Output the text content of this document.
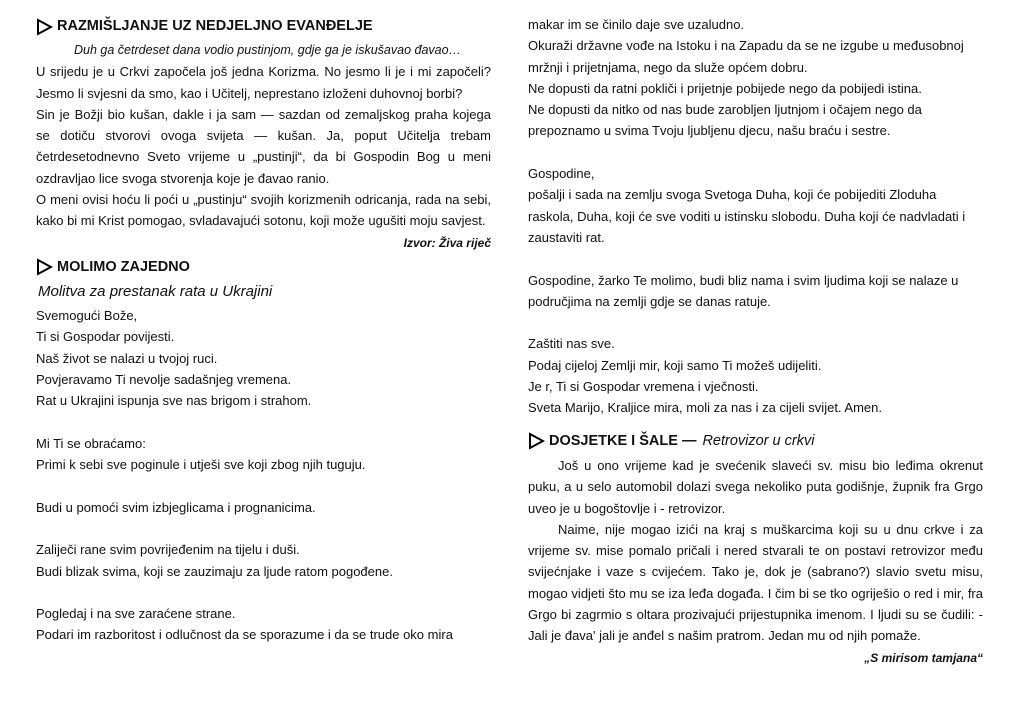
RAZMIŠLJANJE UZ NEDJELJNO EVANĐELJE
Duh ga četrdeset dana vodio pustinjom, gdje ga je iskušavao đavao…

U srijedu je u Crkvi započela još jedna Korizma. No jesmo li je i mi započeli? Jesmo li svjesni da smo, kao i Učitelj, neprestano izloženi duhovnoj borbi?

Sin je Božji bio kušan, dakle i ja sam — sazdan od zemaljskog praha kojega se dotiču stvorovi ovoga svijeta — kušan. Ja, poput Učitelja trebam četrdesetodnevno Sveto vrijeme u „pustinji“, da bi Gospodin Bog u meni ozdravljao lice svoga stvorenja koje je đavao ranio.

O meni ovisi hoću li poći u „pustinju“ svojih korizmenih odricanja, rada na sebi, kako bi mi Krist pomogao, svladavajući sotonu, koji može ugušiti moju savjest.

Izvor: Živa riječ
MOLIMO ZAJEDNO
Molitva za prestanak rata u Ukrajini
Svemogući Bože,
Ti si Gospodar povijesti.
Naš život se nalazi u tvojoj ruci.
Povjeravamo Ti nevolje sadašnjeg vremena.
Rat u Ukrajini ispunja sve nas brigom i strahom.
Mi Ti se obraćamo:
Primi k sebi sve poginule i utješi sve koji zbog njih tuguju.
Budi u pomoći svim izbjeglicama i prognanicima.
Zaliječi rane svim povrijeđenim na tijelu i duši.
Budi blizak svima, koji se zauzimaju za ljude ratom pogođene.
Pogledaj i na sve zaraćene strane.
Podari im razboritost i odlučnost da se sporazume i da se trude oko mira
makar im se činilo daje sve uzaludno.
Okuraži državne vođe na Istoku i na Zapadu da se ne izgube u međusobnoj mržnji i prijetnjama, nego da služe općem dobru.
Ne dopusti da ratni pokliči i prijetnje pobijede nego da pobijedi istina.
Ne dopusti da nitko od nas bude zarobljen ljutnjom i očajem nego da prepoznamo u svima Tvoju ljubljenu djecu, našu braću i sestre.
Gospodine,
pošalji i sada na zemlju svoga Svetoga Duha, koji će pobijediti Zloduha raskola, Duha, koji će sve voditi u istinsku slobodu. Duha koji će nadvladati i zaustaviti rat.
Gospodine, žarko Te molimo, budi bliz nama i svim ljudima koji se nalaze u područjima na zemlji gdje se danas ratuje.
Zaštiti nas sve.
Podaj cijeloj Zemlji mir, koji samo Ti možeš udijeliti.
Je r, Ti si Gospodar vremena i vječnosti.
Sveta Marijo, Kraljice mira, moli za nas i za cijeli svijet. Amen.
DOSJETKE I ŠALE — Retrovizor u crkvi

Još u ono vrijeme kad je svećenik slaveći sv. misu bio leđima okrenut puku, a u selo automobil dolazi svega nekoliko puta godišnje, župnik fra Grgo uveo je u bogoštovlje i - retrovizor.

Naime, nije mogao izići na kraj s muškarcima koji su u dnu crkve i za vrijeme sv. mise pomalo pričali i nered stvarali te on postavi retrovizor među svijećnjake i vaze s cvijećem. Tako je, dok je (sabrano?) slavio svetu misu, mogao vidjeti što mu se iza leđa događa. I čim bi se tko ogriješio o red i mir, fra Grgo bi zagrmio s oltara prozivajući prijestupnika imenom. I ljudi su se čudili: - Jali je đava' jali je anđel s našim pratrom. Jedan mu od njih pomaže.

„S mirisom tamjana“
